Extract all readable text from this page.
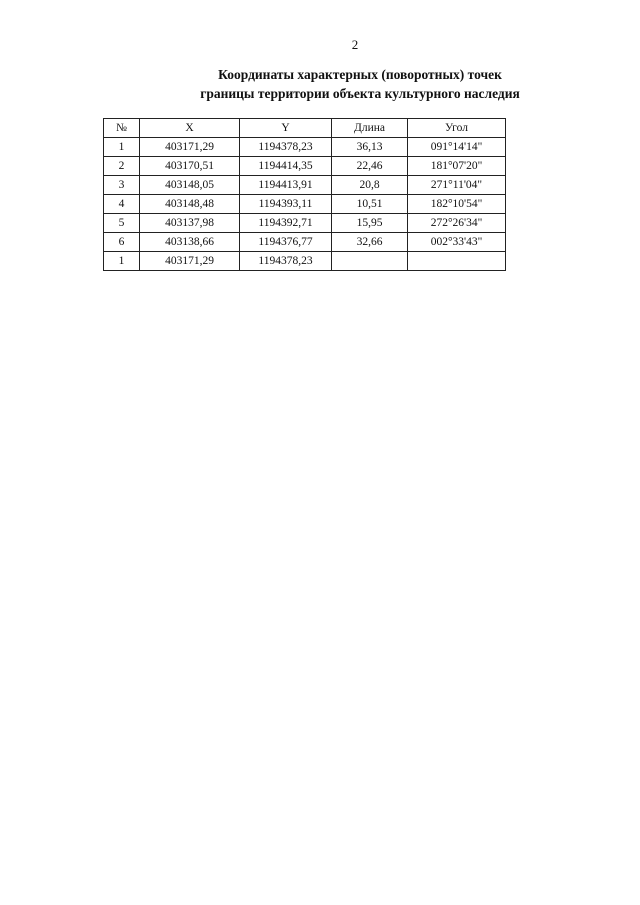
2
Координаты характерных (поворотных) точек
границы территории объекта культурного наследия
№	X	Y	Длина	Угол
1	403171,29	1194378,23	36,13	091°14'14"
2	403170,51	1194414,35	22,46	181°07'20"
3	403148,05	1194413,91	20,8	271°11'04"
4	403148,48	1194393,11	10,51	182°10'54"
5	403137,98	1194392,71	15,95	272°26'34"
6	403138,66	1194376,77	32,66	002°33'43"
1	403171,29	1194378,23		
